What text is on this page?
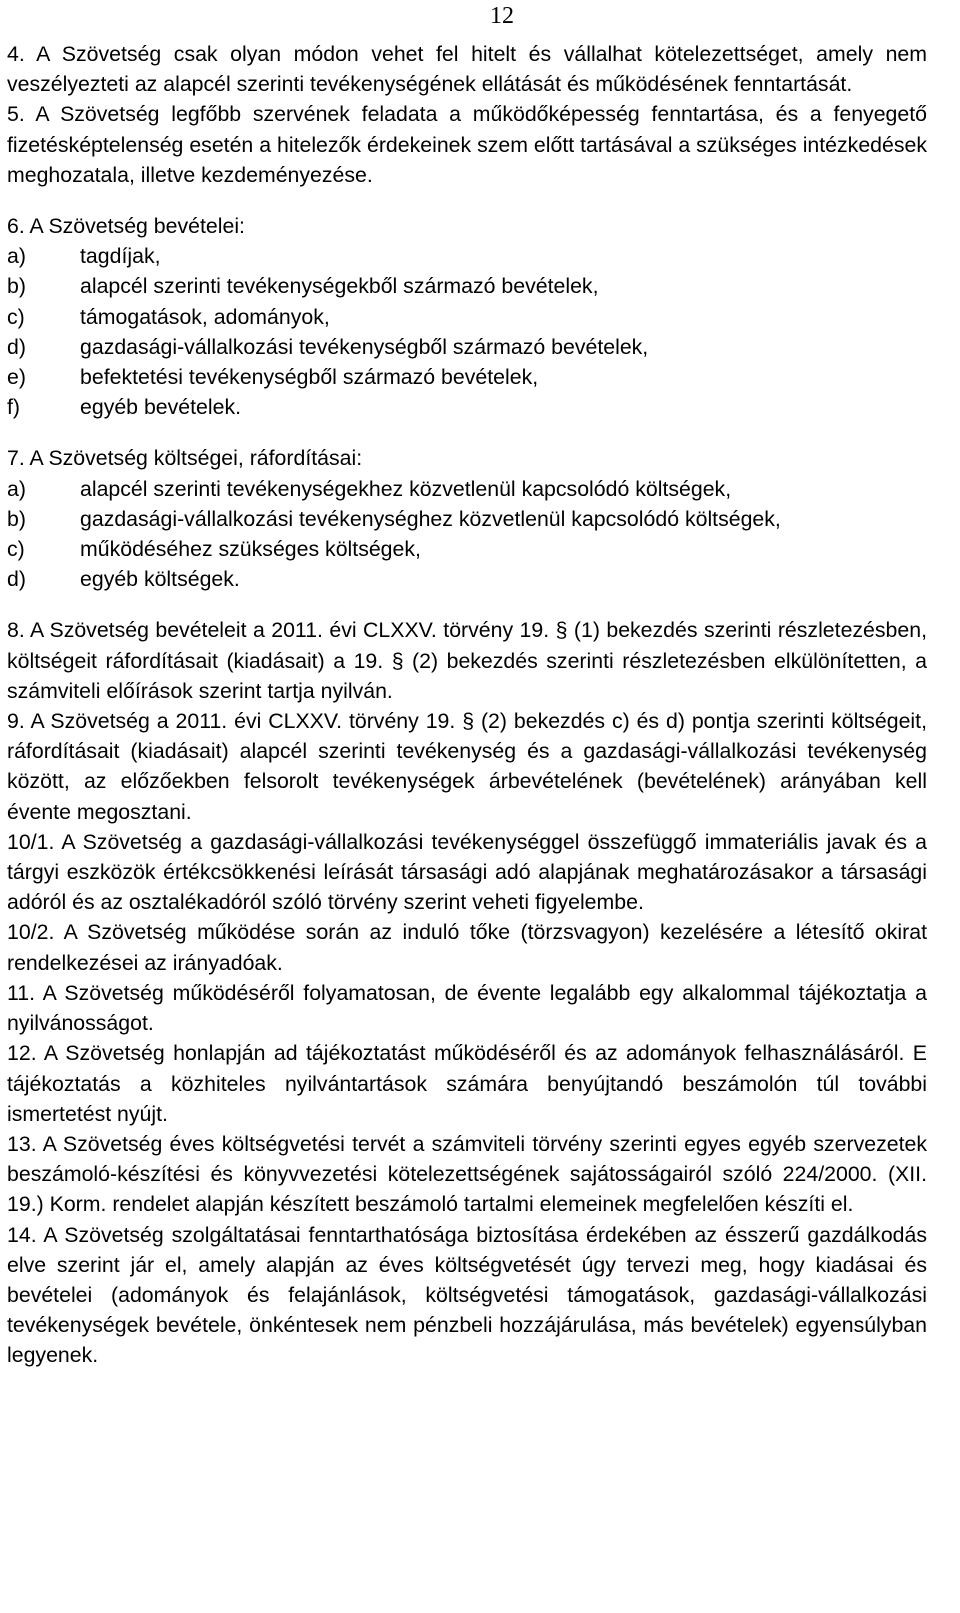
12

4. A Szövetség csak olyan módon vehet fel hitelt és vállalhat kötelezettséget, amely nem veszélyezteti az alapcél szerinti tevékenységének ellátását és működésének fenntartását.

5. A Szövetség legfőbb szervének feladata a működőképesség fenntartása, és a fenyegető fizetésképtelenség esetén a hitelezők érdekeinek szem előtt tartásával a szükséges intézkedések meghozatala, illetve kezdeményezése.

6. A Szövetség bevételei:

a)	tagdíjak,
b)	alapcél szerinti tevékenységekből származó bevételek,
c)	támogatások, adományok,
d)	gazdasági-vállalkozási tevékenységből származó bevételek,
e)	befektetési tevékenységből származó bevételek,
f)	egyéb bevételek.

7. A Szövetség költségei, ráfordításai:

a)	alapcél szerinti tevékenységekhez közvetlenül kapcsolódó költségek,
b)	gazdasági-vállalkozási tevékenységhez közvetlenül kapcsolódó költségek,
c)	működéséhez szükséges költségek,
d)	egyéb költségek.

8. A Szövetség bevételeit a 2011. évi CLXXV. törvény 19. § (1) bekezdés szerinti részletezésben, költségeit ráfordításait (kiadásait) a 19. § (2) bekezdés szerinti részletezésben elkülönítetten, a számviteli előírások szerint tartja nyilván.

9. A Szövetség a 2011. évi CLXXV. törvény 19. § (2) bekezdés c) és d) pontja szerinti költségeit, ráfordításait (kiadásait) alapcél szerinti tevékenység és a gazdasági-vállalkozási tevékenység között, az előzőekben felsorolt tevékenységek árbevételének (bevételének) arányában kell évente megosztani.

10/1. A Szövetség a gazdasági-vállalkozási tevékenységgel összefüggő immateriális javak és a tárgyi eszközök értékcsökkenési leírását társasági adó alapjának meghatározásakor a társasági adóról és az osztalékadóról szóló törvény szerint veheti figyelembe.

10/2. A Szövetség működése során az induló tőke (törzsvagyon) kezelésére a létesítő okirat rendelkezései az irányadóak.

11. A Szövetség működéséről folyamatosan, de évente legalább egy alkalommal tájékoztatja a nyilvánosságot.

12. A Szövetség honlapján ad tájékoztatást működéséről és az adományok felhasználásáról. E tájékoztatás a közhiteles nyilvántartások számára benyújtandó beszámolón túl további ismertetést nyújt.

13. A Szövetség éves költségvetési tervét a számviteli törvény szerinti egyes egyéb szervezetek beszámoló-készítési és könyvvezetési kötelezettségének sajátosságairól szóló 224/2000. (XII. 19.) Korm. rendelet alapján készített beszámoló tartalmi elemeinek megfelelően készíti el.

14. A Szövetség szolgáltatásai fenntarthatósága biztosítása érdekében az ésszerű gazdálkodás elve szerint jár el, amely alapján az éves költségvetését úgy tervezi meg, hogy kiadásai és bevételei (adományok és felajánlások, költségvetési támogatások, gazdasági-vállalkozási tevékenységek bevétele, önkéntesek nem pénzbeli hozzájárulása, más bevételek) egyensúlyban legyenek.
